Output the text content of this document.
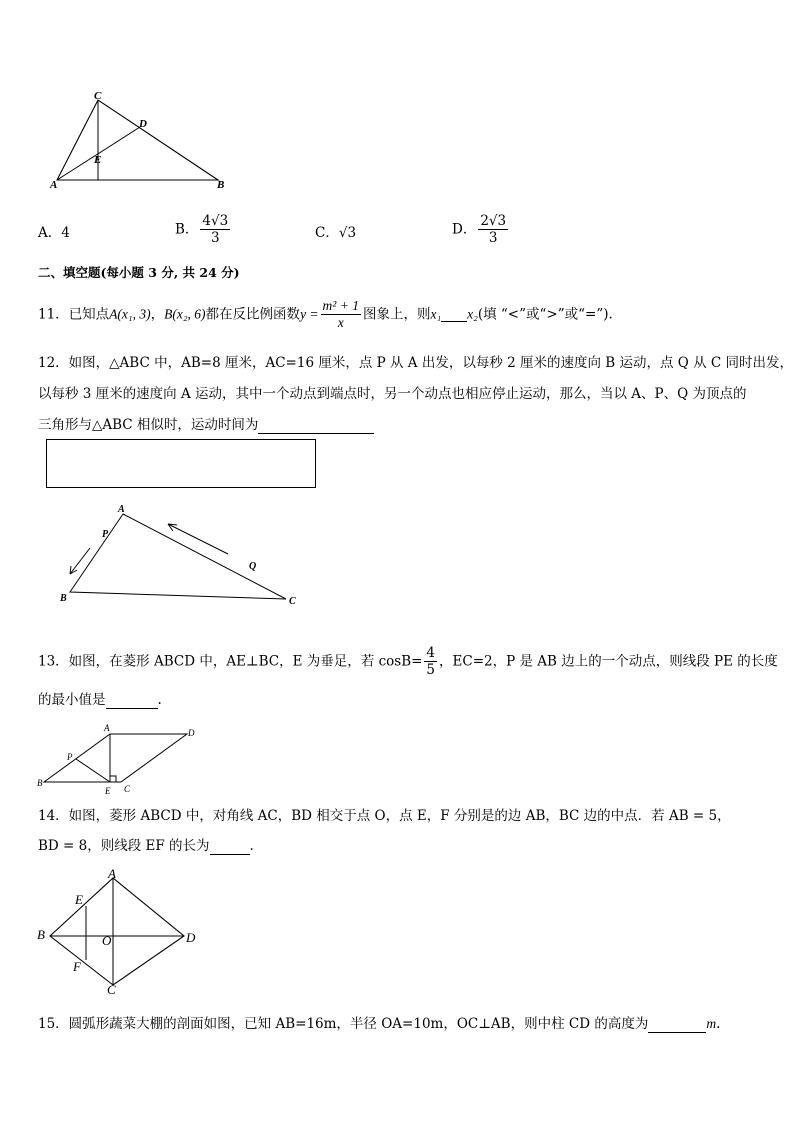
C
D
E
A	B
A．4	B． $\frac{4√3}{3}$	C．√3	D． $\frac{2√3}{3}$
二、填空题(每小题 3 分, 共 24 分)
11．已知点A(x₁, 3)，B(x₂, 6)都在反比例函数$y = \frac{\text{m² + 1}}{x}$ 图象上，则x₁ x₂(填 “<”或“>”或“=”).
12．如图，△ABC 中，AB=8 厘米，AC=16 厘米，点 P 从 A 出发，以每秒 2 厘米的速度向 B 运动，点 Q 从 C 同时出发，
以每秒 3 厘米的速度向 A 运动，其中一个动点到端点时，另一个动点也相应停止运动，那么，当以 A、P、Q 为顶点的
三角形与△ABC 相似时，运动时间为
A
P
Q
B	C
13．如图，在菱形 ABCD 中，AE⊥BC，E 为垂足，若 $\cos B= \frac{4}{5}$ ，EC=2，P 是 AB 边上的一个动点，则线段 PE 的长度
的最小值是	.
A	D
P
B
E C
14．如图，菱形 ABCD 中，对角线 AC，BD 相交于点 O，点 E，F 分别是的边 AB，BC 边的中点．若 AB = 5，
BD = 8，则线段 EF 的长为	.
A
E
B	O	D
F
C
15．圆弧形蔬菜大棚的剖面如图，已知 AB=16m，半径 OA=10m，OC⊥AB，则中柱 CD 的高度为	m.
